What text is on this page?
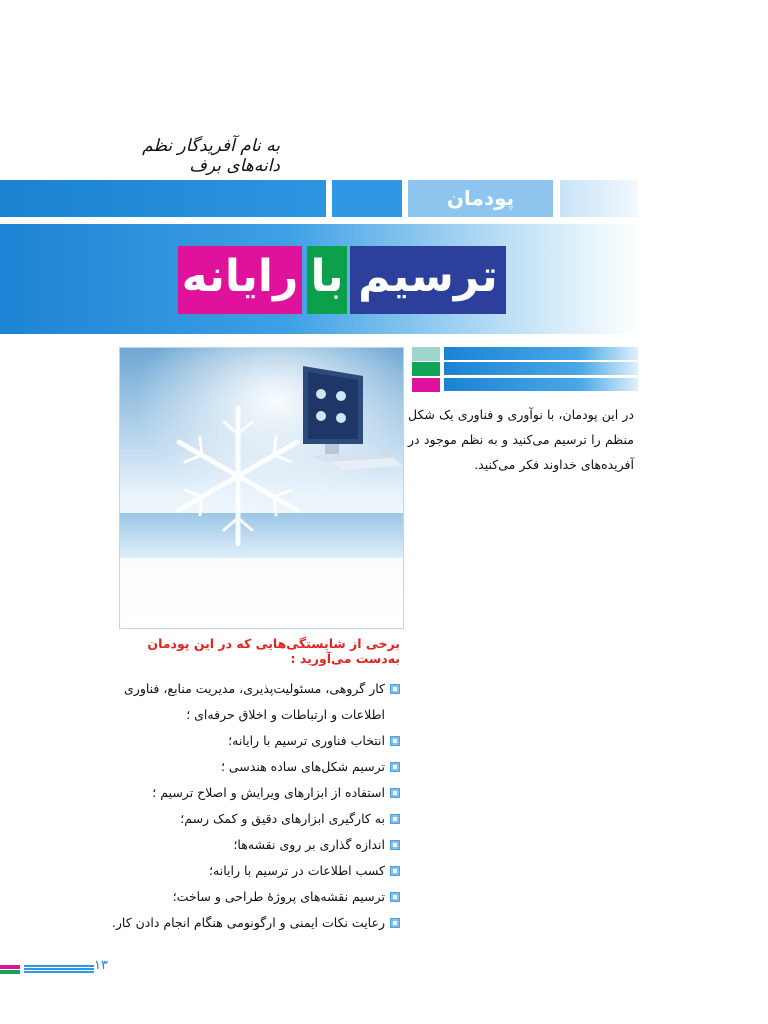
به نام آفریدگار نظم دانه‌های برف
پودمان
رایانه با ترسیم
در این پودمان، با نوآوری و فناوری یک شکل منظم را ترسیم می‌کنید و به نظم موجود در آفریده‌های خداوند فکر می‌کنید.
برخی از شایستگی‌هایی که در این پودمان به‌دست می‌آورید :
کار گروهی، مسئولیت‌پذیری، مدیریت منابع، فناوری اطلاعات و ارتباطات و اخلاق حرفه‌ای ؛
انتخاب فناوری ترسیم با رایانه؛
ترسیم شکل‌های ساده هندسی ؛
استفاده از ابزارهای ویرایش و اصلاح ترسیم ؛
به کارگیری ابزارهای دقیق و کمک رسم؛
اندازه گذاری بر روی نقشه‌ها؛
کسب اطلاعات در ترسیم با رایانه؛
ترسیم نقشه‌های پروژهٔ طراحی و ساخت؛
رعایت نکات ایمنی و ارگونومی هنگام انجام دادن کار.
۱۳
